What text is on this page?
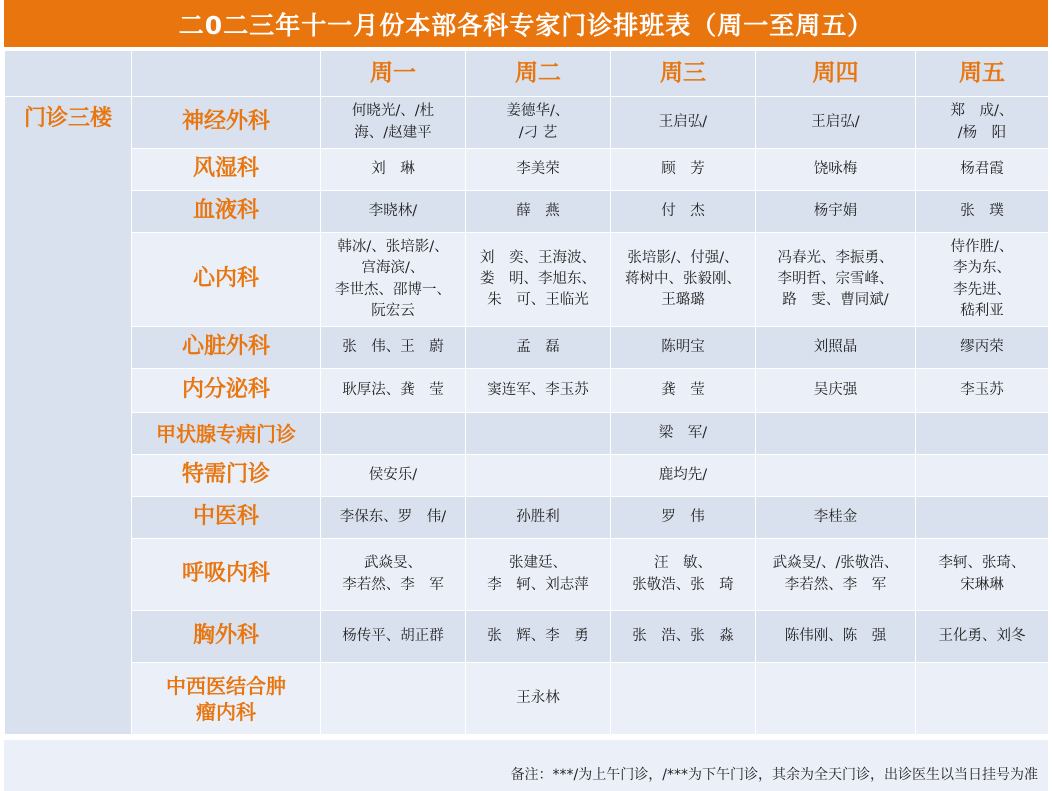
二0二三年十一月份本部各科专家门诊排班表（周一至周五）
		周一	周二	周三	周四	周五
门诊三楼	神经外科	何晓光/、/杜
海、/赵建平	姜德华/、
/刁 艺	王启弘/	王启弘/	郑　成/、
/杨　阳
	风湿科	刘　琳	李美荣	顾　芳	饶咏梅	杨君霞
	血液科	李晓林/	薛　燕	付　杰	杨宇娟	张　璞
	心内科	韩冰/、张培影/、
宫海滨/、
李世杰、邵博一、
阮宏云	刘　奕、王海波、
娄　明、李旭东、
朱　可、王临光	张培影/、付强/、
蒋树中、张毅刚、
王璐璐	冯春光、李振勇、
李明哲、宗雪峰、
路　雯、曹同斌/	侍作胜/、
李为东、
李先进、
嵇利亚
	心脏外科	张　伟、王　蔚	孟　磊	陈明宝	刘照晶	缪丙荣
	内分泌科	耿厚法、龚　莹	窦连军、李玉苏	龚　莹	吴庆强	李玉苏
	甲状腺专病门诊			梁　军/		
	特需门诊	侯安乐/		鹿均先/		
	中医科	李保东、罗　伟/	孙胜利	罗　伟	李桂金	
	呼吸内科	武焱旻、
李若然、李　军	张建廷、
李　轲、刘志萍	汪　敏、
张敬浩、张　琦	武焱旻/、/张敬浩、
李若然、李　军	李轲、张琦、
宋琳琳
	胸外科	杨传平、胡正群	张　辉、李　勇	张　浩、张　淼	陈伟刚、陈　强	王化勇、刘冬
	中西医结合肿
瘤内科		王永林			
备注：***/为上午门诊，/***为下午门诊，其余为全天门诊，出诊医生以当日挂号为准
